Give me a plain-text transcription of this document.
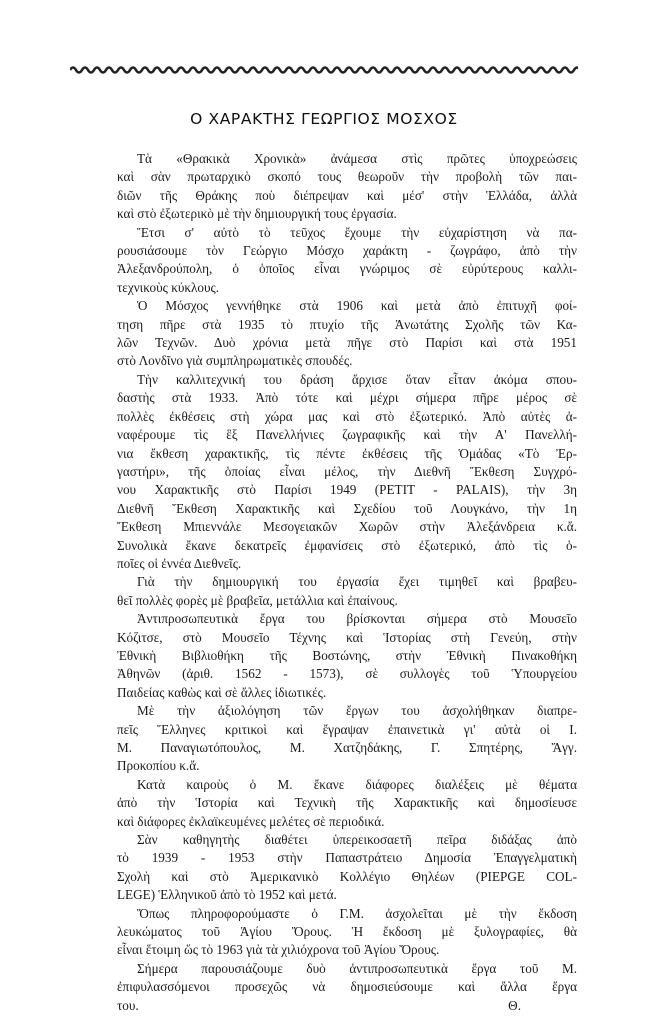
Ο ΧΑΡΑΚΤΗΣ ΓΕΩΡΓΙΟΣ ΜΟΣΧΟΣ
Τὰ «Θρακικὰ Χρονικὰ» ἀνάμεσα στὶς πρῶτες ὑποχρεώσεις
καὶ σὰν πρωταρχικὸ σκοπό τους θεωροῦν τὴν προβολὴ τῶν παι-
διῶν τῆς Θράκης ποὺ διέπρεψαν καὶ μέσ' στὴν Ἑλλάδα, ἀλλὰ
καὶ στὸ ἐξωτερικὸ μὲ τὴν δημιουργική τους ἐργασία.
Ἔτσι σ' αὐτὸ τὸ τεῦχος ἔχουμε τὴν εὐχαρίστηση νὰ πα-
ρουσιάσουμε τὸν Γεώργιο Μόσχο χαράκτη - ζωγράφο, ἀπὸ τὴν
Ἀλεξανδρούπολη, ὁ ὁποῖος εἶναι γνώριμος σὲ εὐρύτερους καλλι-
τεχνικοὺς κύκλους.
Ὁ Μόσχος γεννήθηκε στὰ 1906 καὶ μετὰ ἀπὸ ἐπιτυχῆ φοί-
τηση πῆρε στὰ 1935 τὸ πτυχίο τῆς Ἀνωτάτης Σχολῆς τῶν Κα-
λῶν Τεχνῶν. Δυὸ χρόνια μετὰ πῆγε στὸ Παρίσι καὶ στὰ 1951
στὸ Λονδῖνο γιὰ συμπληρωματικὲς σπουδές.
Τὴν καλλιτεχνική του δράση ἄρχισε ὅταν εἶταν ἀκόμα σπου-
δαστὴς στὰ 1933. Ἀπὸ τότε καὶ μέχρι σήμερα πῆρε μέρος σὲ
πολλὲς ἐκθέσεις στὴ χώρα μας καὶ στὸ ἐξωτερικό. Ἀπὸ αὐτὲς ἀ-
ναφέρουμε τὶς ἓξ Πανελλήνιες ζωγραφικῆς καὶ τὴν Α' Πανελλή-
νια ἔκθεση χαρακτικῆς, τὶς πέντε ἐκθέσεις τῆς Ὁμάδας «Τὸ Ἐρ-
γαστήρι», τῆς ὁποίας εἶναι μέλος, τὴν Διεθνῆ Ἔκθεση Συγχρό-
νου Χαρακτικῆς στὸ Παρίσι 1949 (PETIT - PALAIS), τὴν 3η
Διεθνῆ Ἔκθεση Χαρακτικῆς καὶ Σχεδίου τοῦ Λουγκάνο, τὴν 1η
Ἔκθεση Μπιεννάλε Μεσογειακῶν Χωρῶν στὴν Ἀλεξάνδρεια κ.ἄ.
Συνολικὰ ἔκανε δεκατρεῖς ἐμφανίσεις στὸ ἐξωτερικό, ἀπὸ τὶς ὁ-
ποῖες οἱ ἐννέα Διεθνεῖς.
Γιὰ τὴν δημιουργική του ἐργασία ἔχει τιμηθεῖ καὶ βραβευ-
θεῖ πολλὲς φορὲς μὲ βραβεῖα, μετάλλια καὶ ἐπαίνους.
Ἀντιπροσωπευτικὰ ἔργα του βρίσκονται σήμερα στὸ Μουσεῖο
Κόζιτσε, στὸ Μουσεῖο Τέχνης καὶ Ἱστορίας στὴ Γενεύη, στὴν
Ἐθνικὴ Βιβλιοθήκη τῆς Βοστώνης, στὴν Ἐθνικὴ Πινακοθήκη
Ἀθηνῶν (ἀριθ. 1562 - 1573), σὲ συλλογὲς τοῦ Ὑπουργείου
Παιδείας καθὼς καὶ σὲ ἄλλες ἰδιωτικές.
Μὲ τὴν ἀξιολόγηση τῶν ἔργων του ἀσχολήθηκαν διαπρε-
πεῖς Ἕλληνες κριτικοὶ καὶ ἔγραψαν ἐπαινετικὰ γι' αὐτὰ οἱ Ι.
Μ. Παναγιωτόπουλος, Μ. Χατζηδάκης, Γ. Σπητέρης, Ἄγγ.
Προκοπίου κ.ἄ.
Κατὰ καιροὺς ὁ Μ. ἔκανε διάφορες διαλέξεις μὲ θέματα
ἀπὸ τὴν Ἱστορία καὶ Τεχνικὴ τῆς Χαρακτικῆς καὶ δημοσίευσε
καὶ διάφορες ἐκλαϊκευμένες μελέτες σὲ περιοδικά.
Σὰν καθηγητὴς διαθέτει ὑπερεικοσαετῆ πεῖρα διδάξας ἀπὸ
τὸ 1939 - 1953 στὴν Παπαστράτειο Δημοσία Ἐπαγγελματικὴ
Σχολὴ καὶ στὸ Ἀμερικανικὸ Κολλέγιο Θηλέων (PIEPGE COL-
LEGE) Ἑλληνικοῦ ἀπὸ τὸ 1952 καὶ μετά.
Ὅπως πληροφορούμαστε ὁ Γ.Μ. ἀσχολεῖται μὲ τὴν ἔκδοση
λευκώματος τοῦ Ἁγίου Ὄρους. Ἡ ἔκδοση μὲ ξυλογραφίες, θὰ
εἶναι ἕτοιμη ὥς τὸ 1963 γιὰ τὰ χιλιόχρονα τοῦ Ἁγίου Ὄρους.
Σήμερα παρουσιάζουμε δυὸ ἀντιπροσωπευτικὰ ἔργα τοῦ Μ.
ἐπιφυλασσόμενοι προσεχῶς νὰ δημοσιεύσουμε καὶ ἄλλα ἔργα
του.	Θ.
